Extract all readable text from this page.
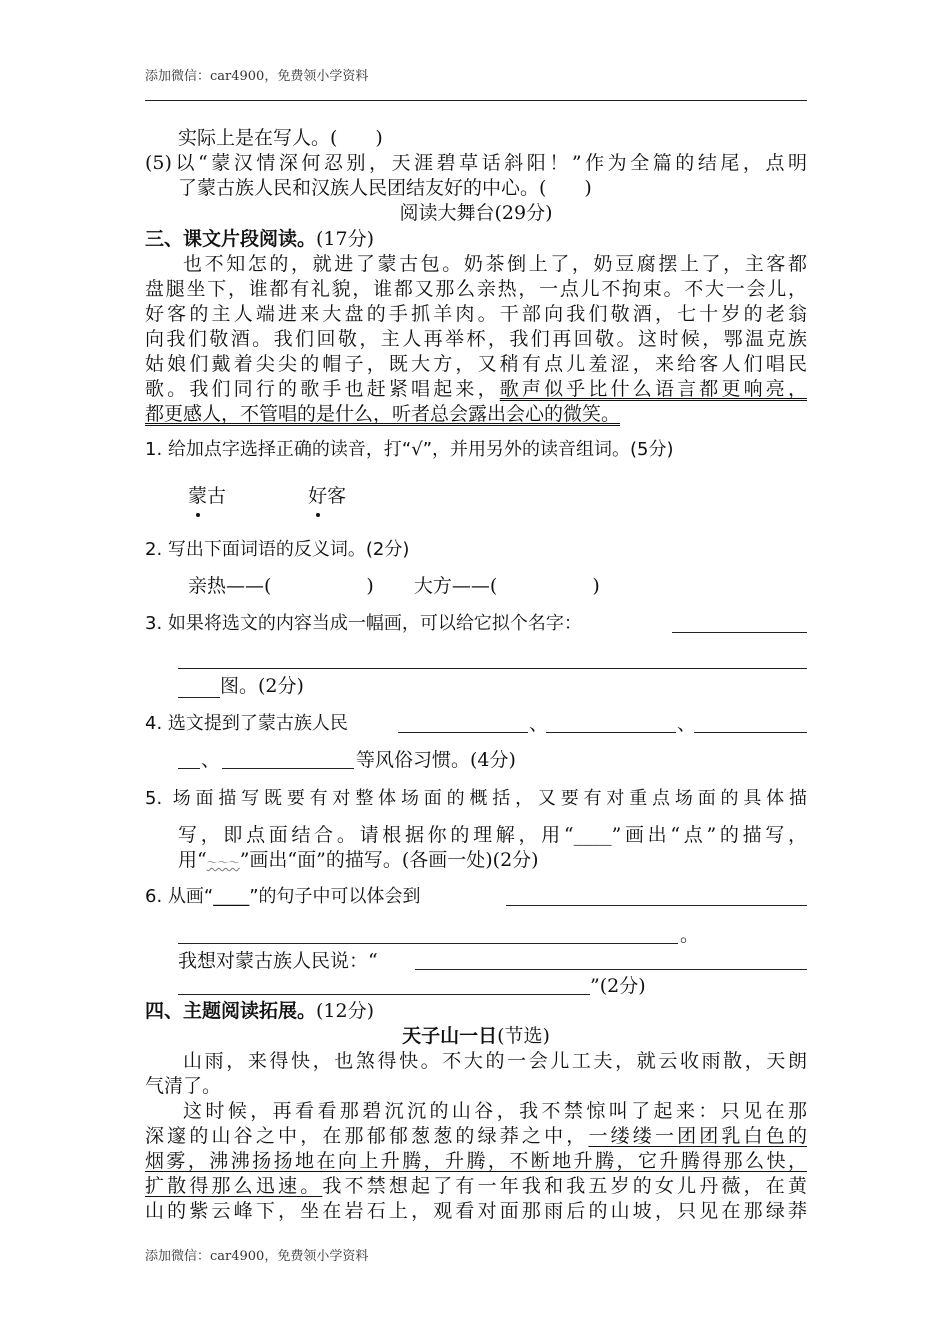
添加微信：car4900，免费领小学资料
实际上是在写人。(　　)
(5)以“蒙汉情深何忍别，天涯碧草话斜阳！”作为全篇的结尾，点明
了蒙古族人民和汉族人民团结友好的中心。(　　)
阅读大舞台(29分)
三、课文片段阅读。(17分)
也不知怎的，就进了蒙古包。奶茶倒上了，奶豆腐摆上了，主客都
盘腿坐下，谁都有礼貌，谁都又那么亲热，一点儿不拘束。不大一会儿，
好客的主人端进来大盘的手抓羊肉。干部向我们敬酒，七十岁的老翁
向我们敬酒。我们回敬，主人再举杯，我们再回敬。这时候，鄂温克族
姑娘们戴着尖尖的帽子，既大方，又稍有点儿羞涩，来给客人们唱民
歌。我们同行的歌手也赶紧唱起来，歌声似乎比什么语言都更响亮，
都更感人，不管唱的是什么，听者总会露出会心的微笑。
1. 给加点字选择正确的读音，打“√”，并用另外的读音组词。(5分)
蒙古	好客
2. 写出下面词语的反义词。(2分)
亲热——(　　　　　) 大方——(　　　　　)
3. 如果将选文的内容当成一幅画，可以给它拟个名字：
图。(2分)
4. 选文提到了蒙古族人民	、	、
、	等风俗习惯。(4分)
5. 场面描写既要有对整体场面的概括，又要有对重点场面的具体描
写，即点面结合。请根据你的理解，用“____”画出“点”的描写，
用“～～～”画出“面”的描写。(各画一处)(2分)
6. 从画“____”的句子中可以体会到
。
我想对蒙古族人民说：“
”(2分)
四、主题阅读拓展。(12分)
天子山一日(节选)
山雨，来得快，也煞得快。不大的一会儿工夫，就云收雨散，天朗
气清了。
这时候，再看看那碧沉沉的山谷，我不禁惊叫了起来：只见在那
深邃的山谷之中，在那郁郁葱葱的绿莽之中，一缕缕一团团乳白色的
烟雾，沸沸扬扬地在向上升腾，升腾，不断地升腾，它升腾得那么快，
扩散得那么迅速。我不禁想起了有一年我和我五岁的女儿丹薇，在黄
山的紫云峰下，坐在岩石上，观看对面那雨后的山坡，只见在那绿莽
添加微信：car4900，免费领小学资料
